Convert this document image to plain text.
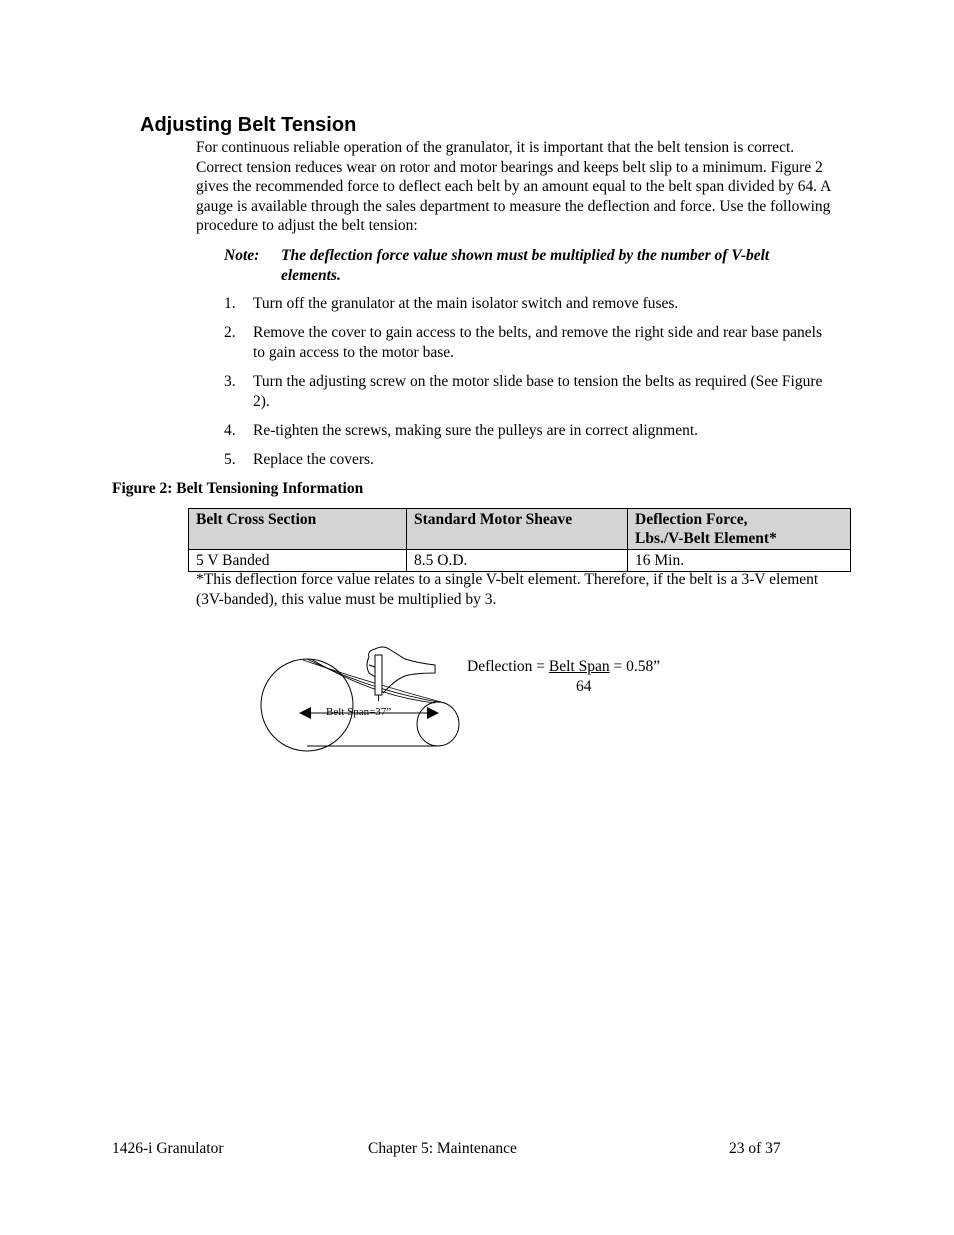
Adjusting Belt Tension

For continuous reliable operation of the granulator, it is important that the belt tension is correct. Correct tension reduces wear on rotor and motor bearings and keeps belt slip to a minimum. Figure 2 gives the recommended force to deflect each belt by an amount equal to the belt span divided by 64. A gauge is available through the sales department to measure the deflection and force. Use the following procedure to adjust the belt tension:

Note: The deflection force value shown must be multiplied by the number of V-belt elements.
1. Turn off the granulator at the main isolator switch and remove fuses.
2. Remove the cover to gain access to the belts, and remove the right side and rear base panels to gain access to the motor base.
3. Turn the adjusting screw on the motor slide base to tension the belts as required (See Figure 2).
4. Re-tighten the screws, making sure the pulleys are in correct alignment.
5. Replace the covers.

Figure 2: Belt Tensioning Information

Belt Cross Section	Standard Motor Sheave	Deflection Force,
Lbs./V-Belt Element*
5 V Banded	8.5 O.D.	16 Min.

*This deflection force value relates to a single V-belt element. Therefore, if the belt is a 3-V element (3V-banded), this value must be multiplied by 3.

Belt Span=37”
Deflection = Belt Span = 0.58”
64
1426-i Granulator	Chapter 5: Maintenance	23 of 37
